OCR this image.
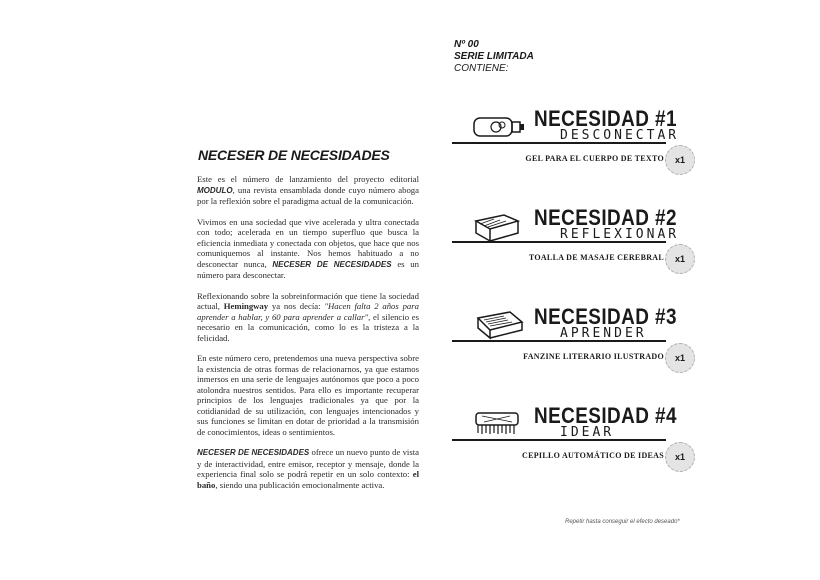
NECESER DE NECESIDADES

Este es el número de lanzamiento del proyecto editorial MODULO, una revista ensamblada donde cuyo número aboga por la reflexión sobre el paradigma actual de la comunicación.

Vivimos en una sociedad que vive acelerada y ultra conectada con todo; acelerada en un tiempo superfluo que busca la eficiencia inmediata y conectada con objetos, que hace que nos comuniquemos al instante. Nos hemos habituado a no desconectar nunca, NECESER DE NECESIDADES es un número para desconectar.

Reflexionando sobre la sobreinformación que tiene la sociedad actual, Hemingway ya nos decía: "Hacen falta 2 años para aprender a hablar, y 60 para aprender a callar", el silencio es necesario en la comunicación, como lo es la tristeza a la felicidad.

En este número cero, pretendemos una nueva perspectiva sobre la existencia de otras formas de relacionarnos, ya que estamos inmersos en una serie de lenguajes autónomos que poco a poco atolondra nuestros sentidos. Para ello es importante recuperar principios de los lenguajes tradicionales ya que por la cotidianidad de su utilización, con lenguajes intencionados y sus funciones se limitan en dotar de prioridad a la transmisión de conocimientos, ideas o sentimientos.

NECESER DE NECESIDADES ofrece un nuevo punto de vista y de interactividad, entre emisor, receptor y mensaje, donde la experiencia final solo se podrá repetir en un solo contexto: el baño, siendo una publicación emocionalmente activa.

Nº 00
SERIE LIMITADA
CONTIENE:
NECESIDAD #1
DESCONECTAR
GEL PARA EL CUERPO DE TEXTO	x1
NECESIDAD #2
REFLEXIONAR
TOALLA DE MASAJE CEREBRAL	x1
NECESIDAD #3
APRENDER
FANZINE LITERARIO ILUSTRADO	x1
NECESIDAD #4
IDEAR
CEPILLO AUTOMÁTICO DE IDEAS	x1
Repetir hasta conseguir el efecto deseado*
